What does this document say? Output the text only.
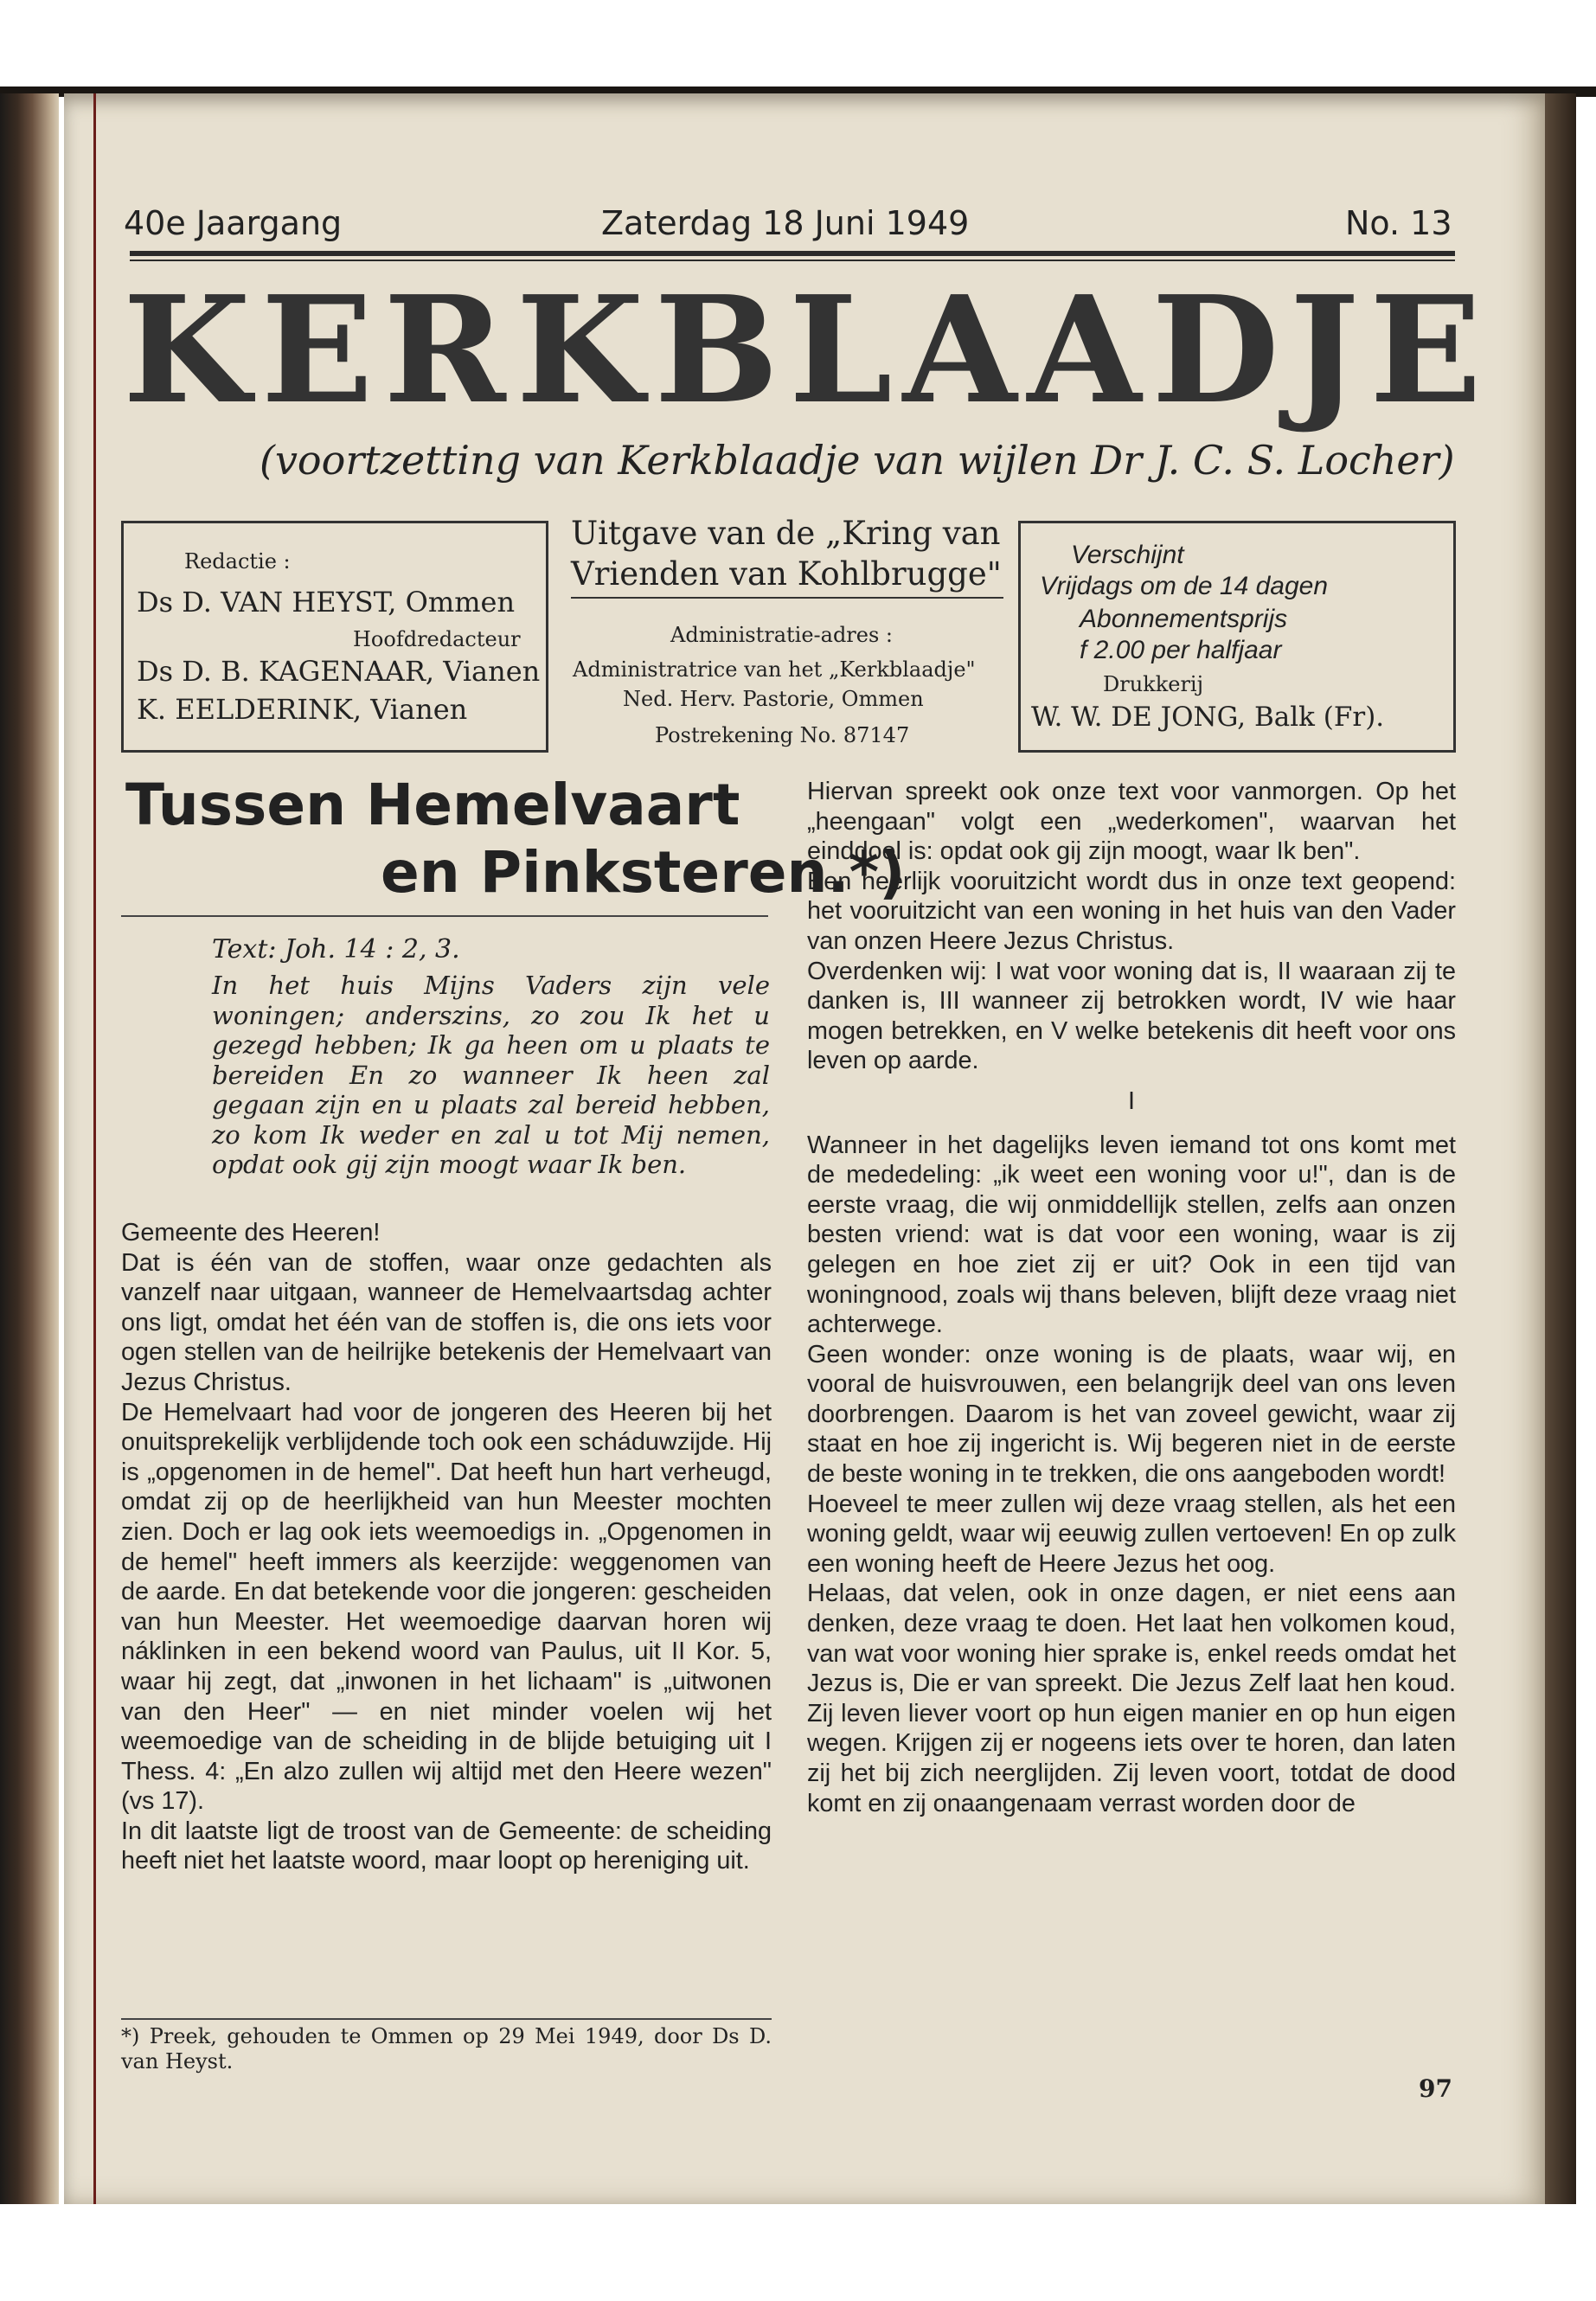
40e Jaargang	Zaterdag 18 Juni 1949	No. 13
KERKBLAADJE
(voortzetting van Kerkblaadje van wijlen Dr J. C. S. Locher)
Redactie :
Ds D. VAN HEYST, Ommen
Hoofdredacteur
Ds D. B. KAGENAAR, Vianen
K. EELDERINK, Vianen
Uitgave van de „Kring van
Vrienden van Kohlbrugge"
Administratie-adres :
Administratrice van het „Kerkblaadje"
Ned. Herv. Pastorie, Ommen
Postrekening No. 87147
Verschijnt
Vrijdags om de 14 dagen
Abonnementsprijs
f 2.00 per halfjaar
Drukkerij
W. W. DE JONG, Balk (Fr).
Tussen Hemelvaart
en Pinksteren.*)
Text: Joh. 14 : 2, 3.
In het huis Mijns Vaders zijn vele woningen; anderszins, zo zou Ik het u gezegd hebben; Ik ga heen om u plaats te bereiden En zo wanneer Ik heen zal gegaan zijn en u plaats zal bereid hebben, zo kom Ik weder en zal u tot Mij nemen, opdat ook gij zijn moogt waar Ik ben.

Gemeente des Heeren!

Dat is één van de stoffen, waar onze gedachten als vanzelf naar uitgaan, wanneer de Hemelvaartsdag achter ons ligt, omdat het één van de stoffen is, die ons iets voor ogen stellen van de heilrijke betekenis der Hemelvaart van Jezus Christus.

De Hemelvaart had voor de jongeren des Heeren bij het onuitsprekelijk verblijdende toch ook een scháduwzijde. Hij is „opgenomen in de hemel". Dat heeft hun hart verheugd, omdat zij op de heerlijkheid van hun Meester mochten zien. Doch er lag ook iets weemoedigs in. „Opgenomen in de hemel" heeft immers als keerzijde: weggenomen van de aarde. En dat betekende voor die jongeren: gescheiden van hun Meester. Het weemoedige daarvan horen wij náklinken in een bekend woord van Paulus, uit II Kor. 5, waar hij zegt, dat „inwonen in het lichaam" is „uitwonen van den Heer" — en niet minder voelen wij het weemoedige van de scheiding in de blijde betuiging uit I Thess. 4: „En alzo zullen wij altijd met den Heere wezen" (vs 17).

In dit laatste ligt de troost van de Gemeente: de scheiding heeft niet het laatste woord, maar loopt op hereniging uit.

*) Preek, gehouden te Ommen op 29 Mei 1949, door Ds D. van Heyst.

Hiervan spreekt ook onze text voor vanmorgen. Op het „heengaan" volgt een „wederkomen", waarvan het einddoel is: opdat ook gij zijn moogt, waar Ik ben".

Een heerlijk vooruitzicht wordt dus in onze text geopend: het vooruitzicht van een woning in het huis van den Vader van onzen Heere Jezus Christus.

Overdenken wij: I wat voor woning dat is, II waaraan zij te danken is, III wanneer zij betrokken wordt, IV wie haar mogen betrekken, en V welke betekenis dit heeft voor ons leven op aarde.

I

Wanneer in het dagelijks leven iemand tot ons komt met de mededeling: „ik weet een woning voor u!", dan is de eerste vraag, die wij onmiddellijk stellen, zelfs aan onzen besten vriend: wat is dat voor een woning, waar is zij gelegen en hoe ziet zij er uit? Ook in een tijd van woningnood, zoals wij thans beleven, blijft deze vraag niet achterwege.

Geen wonder: onze woning is de plaats, waar wij, en vooral de huisvrouwen, een belangrijk deel van ons leven doorbrengen. Daarom is het van zoveel gewicht, waar zij staat en hoe zij ingericht is. Wij begeren niet in de eerste de beste woning in te trekken, die ons aangeboden wordt!

Hoeveel te meer zullen wij deze vraag stellen, als het een woning geldt, waar wij eeuwig zullen vertoeven! En op zulk een woning heeft de Heere Jezus het oog.

Helaas, dat velen, ook in onze dagen, er niet eens aan denken, deze vraag te doen. Het laat hen volkomen koud, van wat voor woning hier sprake is, enkel reeds omdat het Jezus is, Die er van spreekt. Die Jezus Zelf laat hen koud. Zij leven liever voort op hun eigen manier en op hun eigen wegen. Krijgen zij er nogeens iets over te horen, dan laten zij het bij zich neerglijden. Zij leven voort, totdat de dood komt en zij onaangenaam verrast worden door de

97
